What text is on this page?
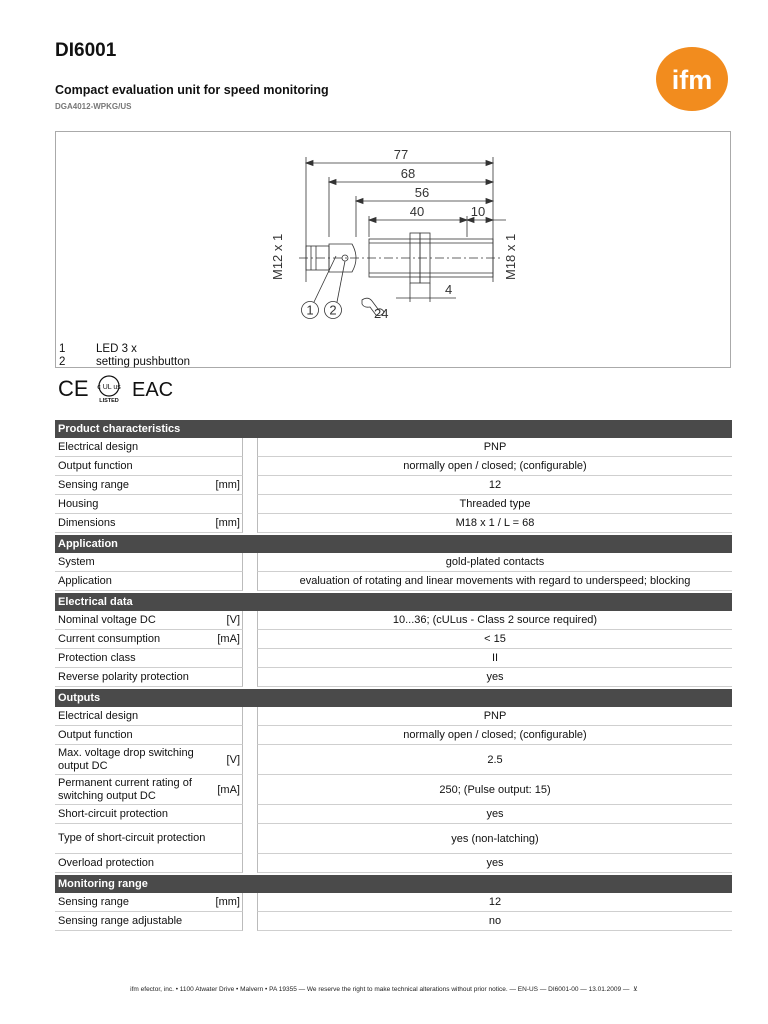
DI6001
Compact evaluation unit for speed monitoring
DGA4012-WPKG/US
ifm
77
68
56
40	10
M12 x 1	M18 x 1
4
24
1 2
1	LED 3 x
2	setting pushbutton
CE c UL us
LISTED EAC
Product characteristics
Electrical design	PNP
Output function	normally open / closed; (configurable)
Sensing range	[mm]	12
Housing	Threaded type
Dimensions	[mm]	M18 x 1 / L = 68
Application
System	gold-plated contacts
Application	evaluation of rotating and linear movements with regard to underspeed; blocking
Electrical data
Nominal voltage DC	[V]	10...36; (cULus - Class 2 source required)
Current consumption	[mA]	< 15
Protection class	II
Reverse polarity protection	yes
Outputs
Electrical design	PNP
Output function	normally open / closed; (configurable)
Max. voltage drop switching output DC	[V]	2.5
Permanent current rating of switching output DC	[mA]	250; (Pulse output: 15)
Short-circuit protection	yes
Type of short-circuit protection	yes (non-latching)
Overload protection	yes
Monitoring range
Sensing range	[mm]	12
Sensing range adjustable	no
ifm efector, inc. • 1100 Atwater Drive • Malvern • PA 19355 — We reserve the right to make technical alterations without prior notice. — EN-US — DI6001-00 — 13.01.2009 —  ⊻
